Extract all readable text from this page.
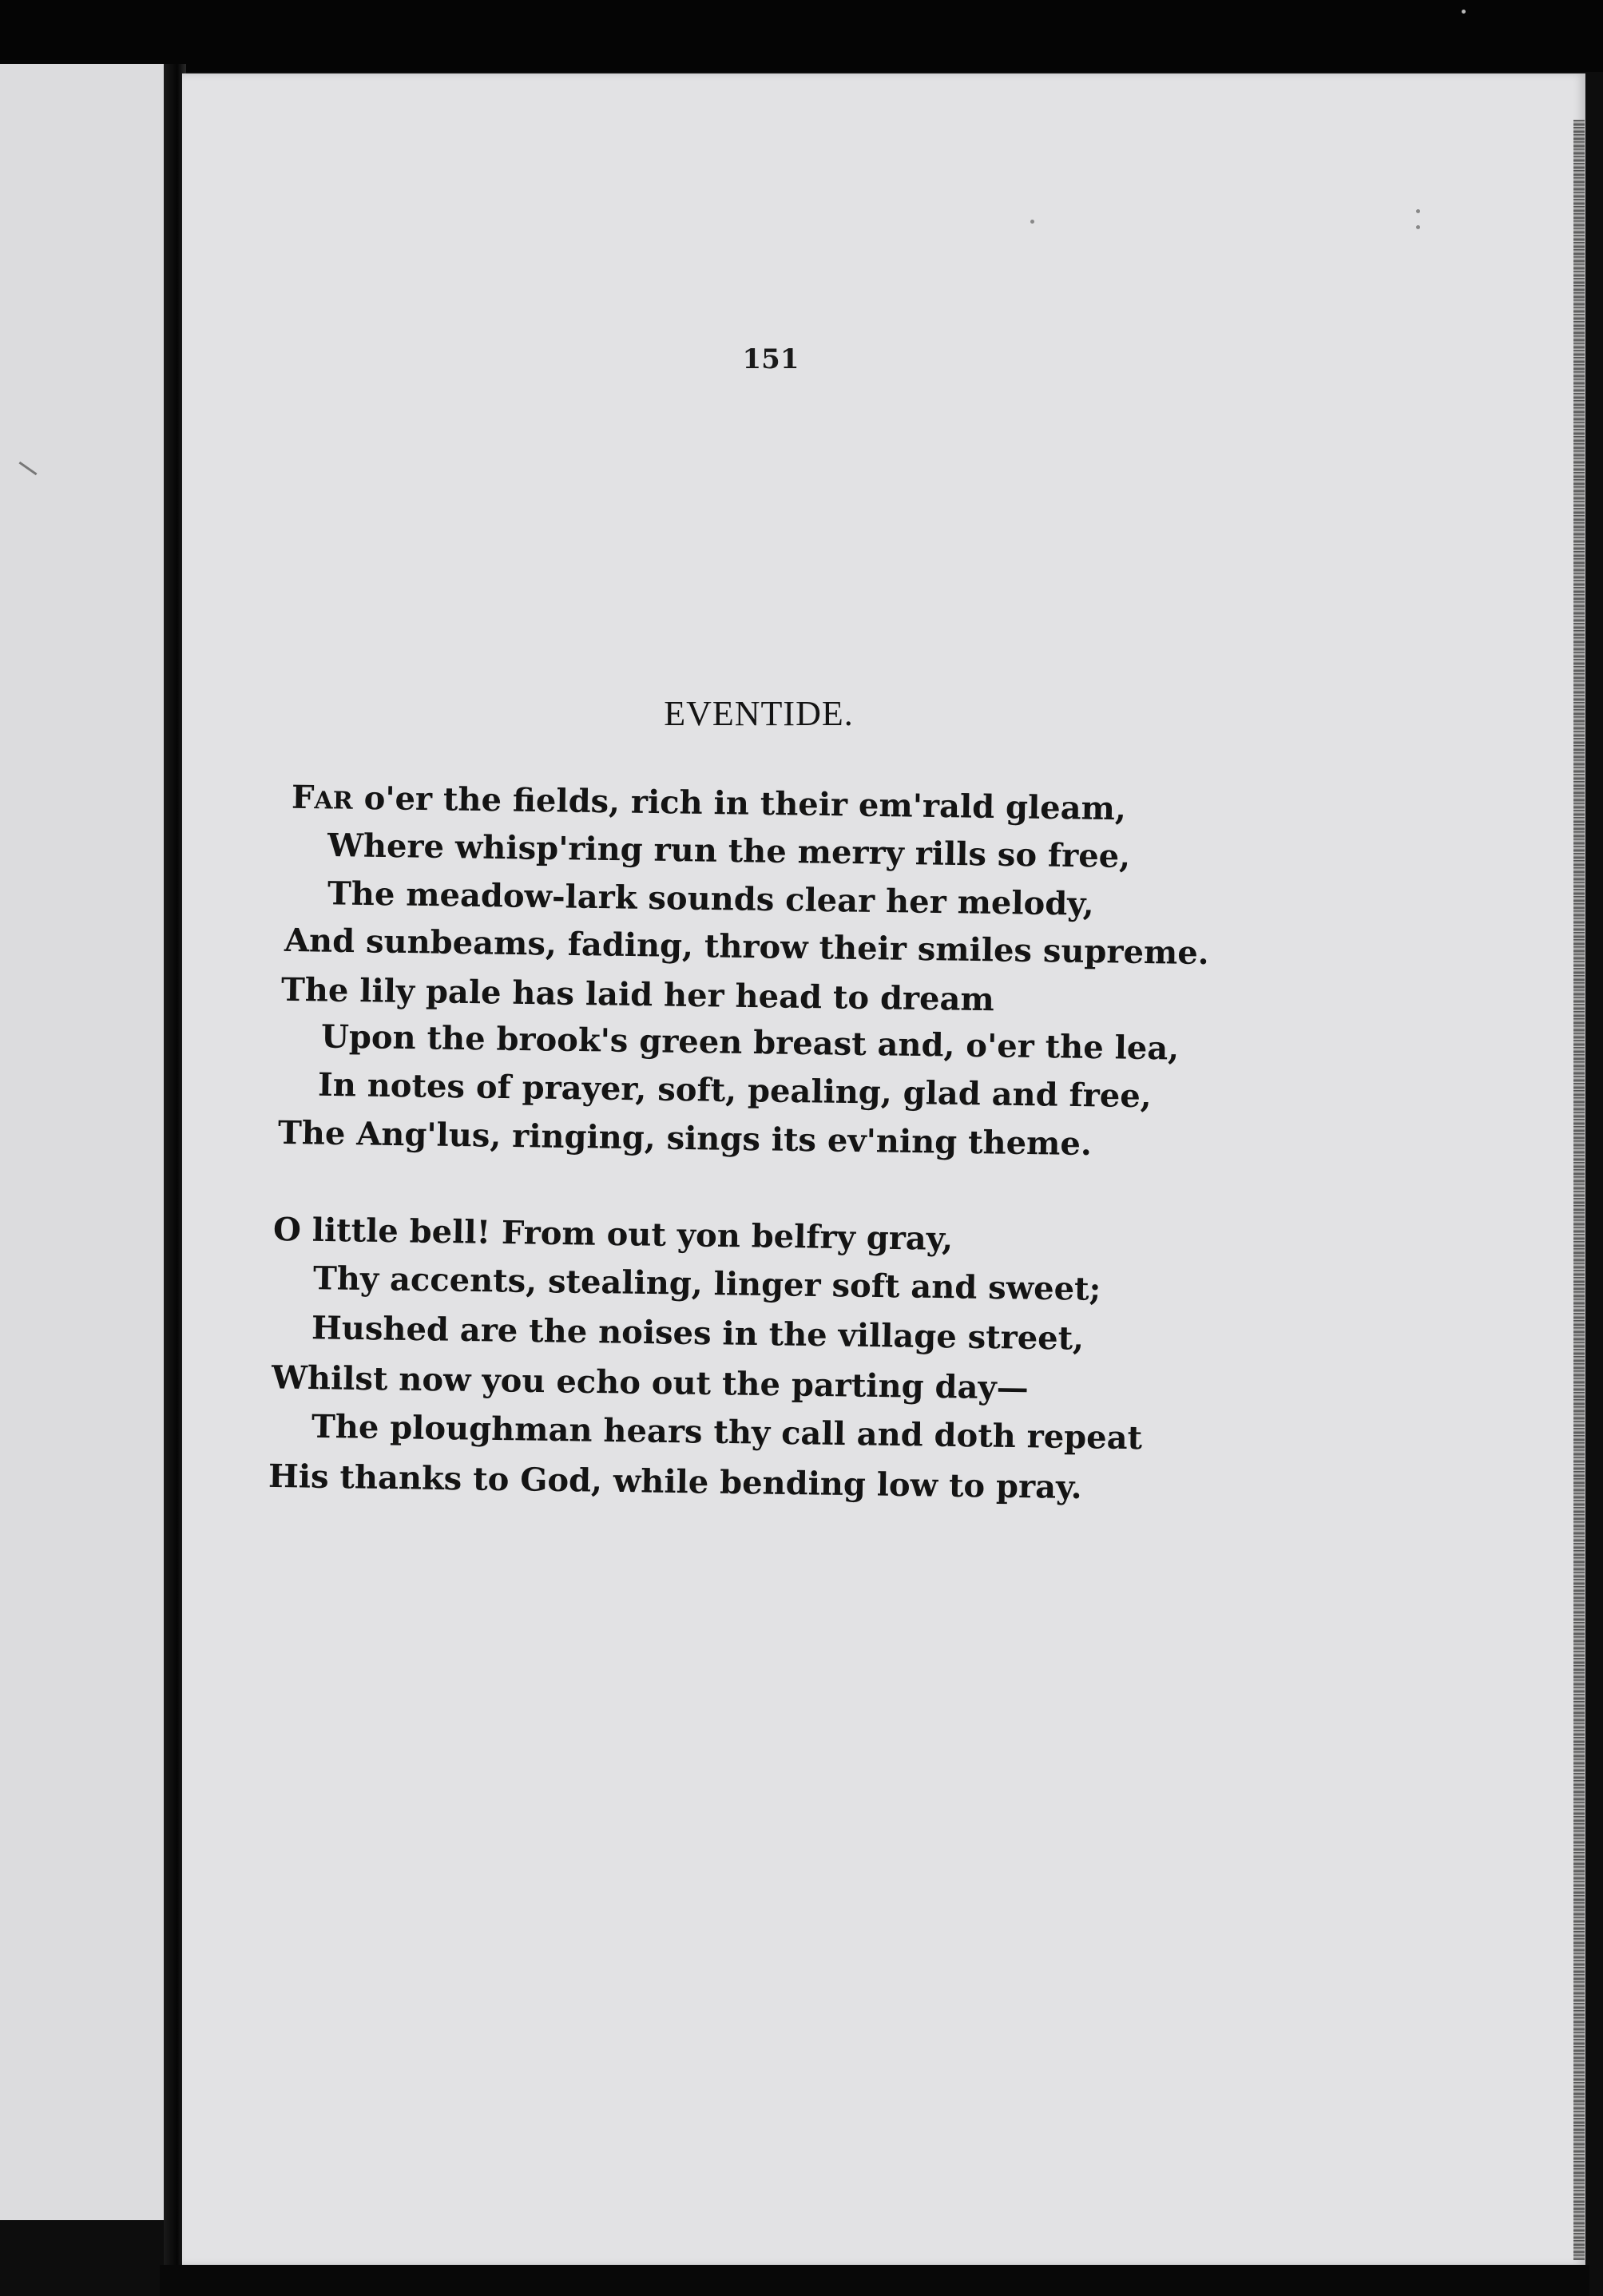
151
EVENTIDE.
FAR o'er the fields, rich in their em'rald gleam,
Where whisp'ring run the merry rills so free,
The meadow-lark sounds clear her melody,
And sunbeams, fading, throw their smiles supreme.
The lily pale has laid her head to dream
Upon the brook's green breast and, o'er the lea,
In notes of prayer, soft, pealing, glad and free,
The Ang'lus, ringing, sings its ev'ning theme.
O little bell! From out yon belfry gray,
Thy accents, stealing, linger soft and sweet;
Hushed are the noises in the village street,
Whilst now you echo out the parting day—
The ploughman hears thy call and doth repeat
His thanks to God, while bending low to pray.
